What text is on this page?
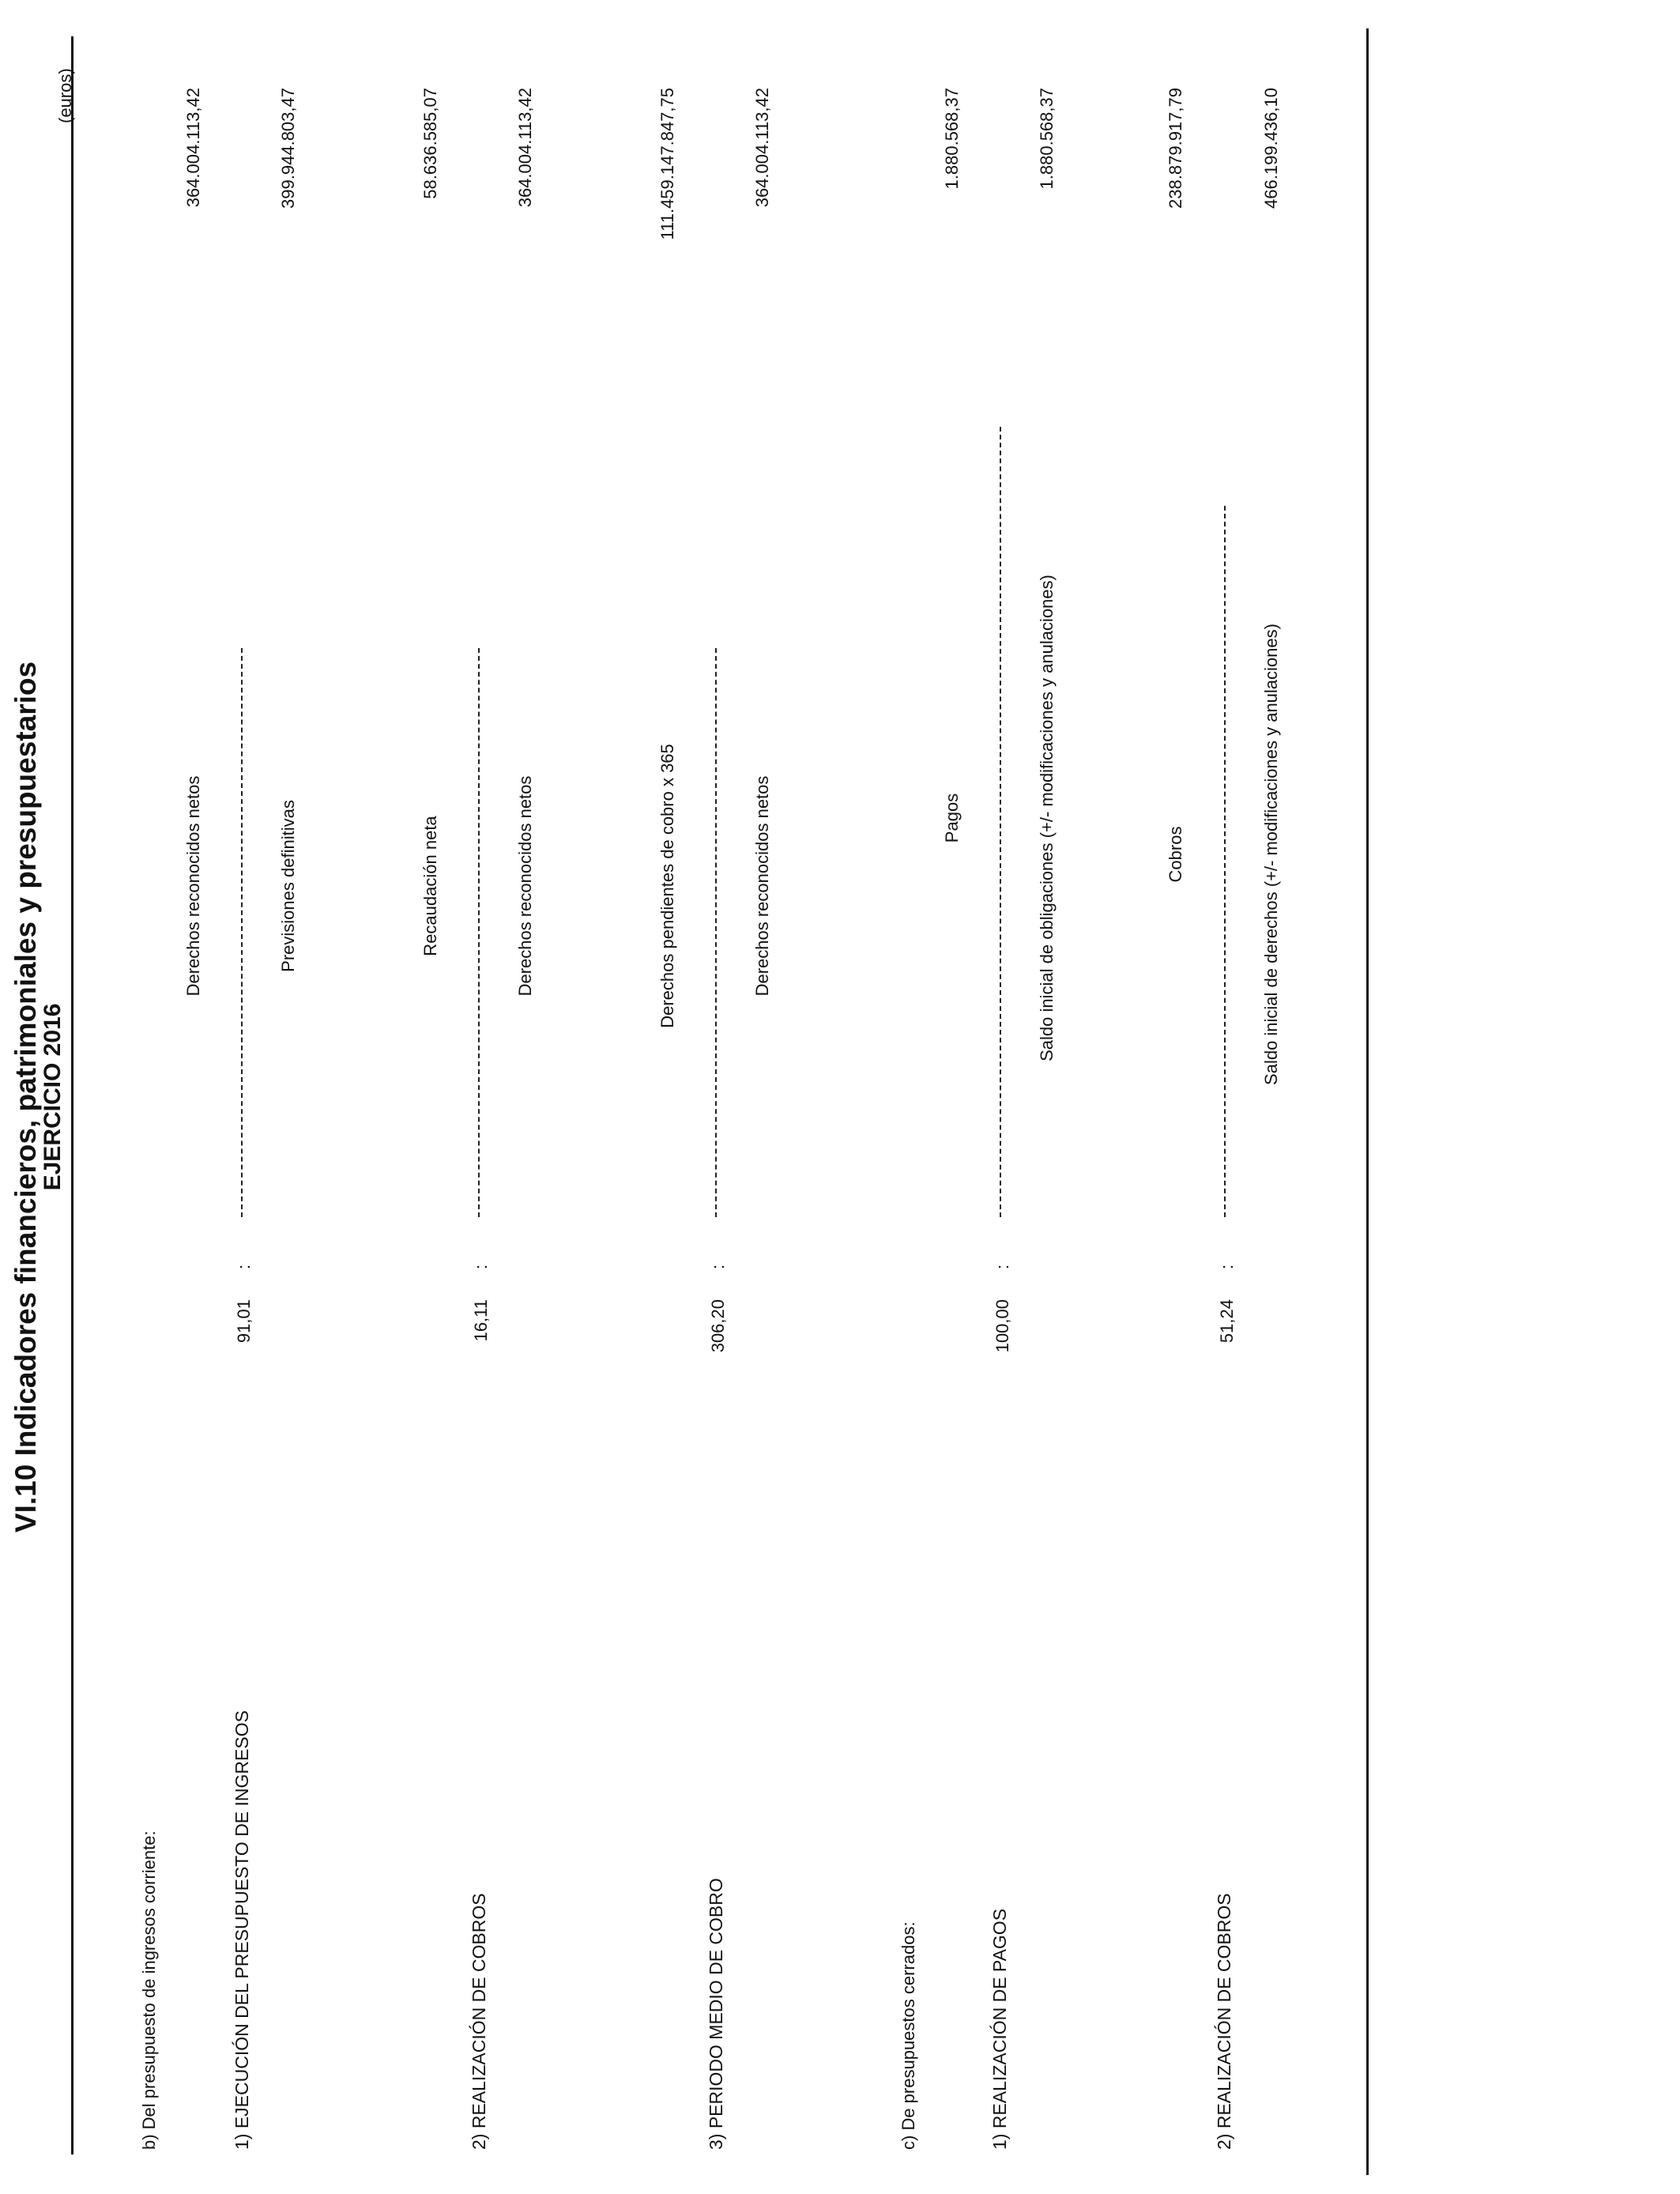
VI.10 Indicadores financieros, patrimoniales y presupuestarios
EJERCICIO 2016
(euros)
b) Del presupuesto de ingresos corriente:	1) EJECUCIÓN DEL PRESUPUESTO DE INGRESOS
91,01
:
Derechos reconocidos netos	Previsiones definitivas
364.004.113,42	399.944.803,47
2) REALIZACIÓN DE COBROS
16,11
:
Recaudación neta	Derechos reconocidos netos
58.636.585,07	364.004.113,42
3) PERIODO MEDIO DE COBRO
306,20
:
Derechos pendientes de cobro x 365	Derechos reconocidos netos
111.459.147.847,75	364.004.113,42
c) De presupuestos cerrados:	1) REALIZACIÓN DE PAGOS
100,00
:
Pagos	Saldo inicial de obligaciones (+/- modificaciones y anulaciones)
1.880.568,37	1.880.568,37
2) REALIZACIÓN DE COBROS
51,24
:
Cobros	Saldo inicial de derechos (+/- modificaciones y anulaciones)
238.879.917,79	466.199.436,10
